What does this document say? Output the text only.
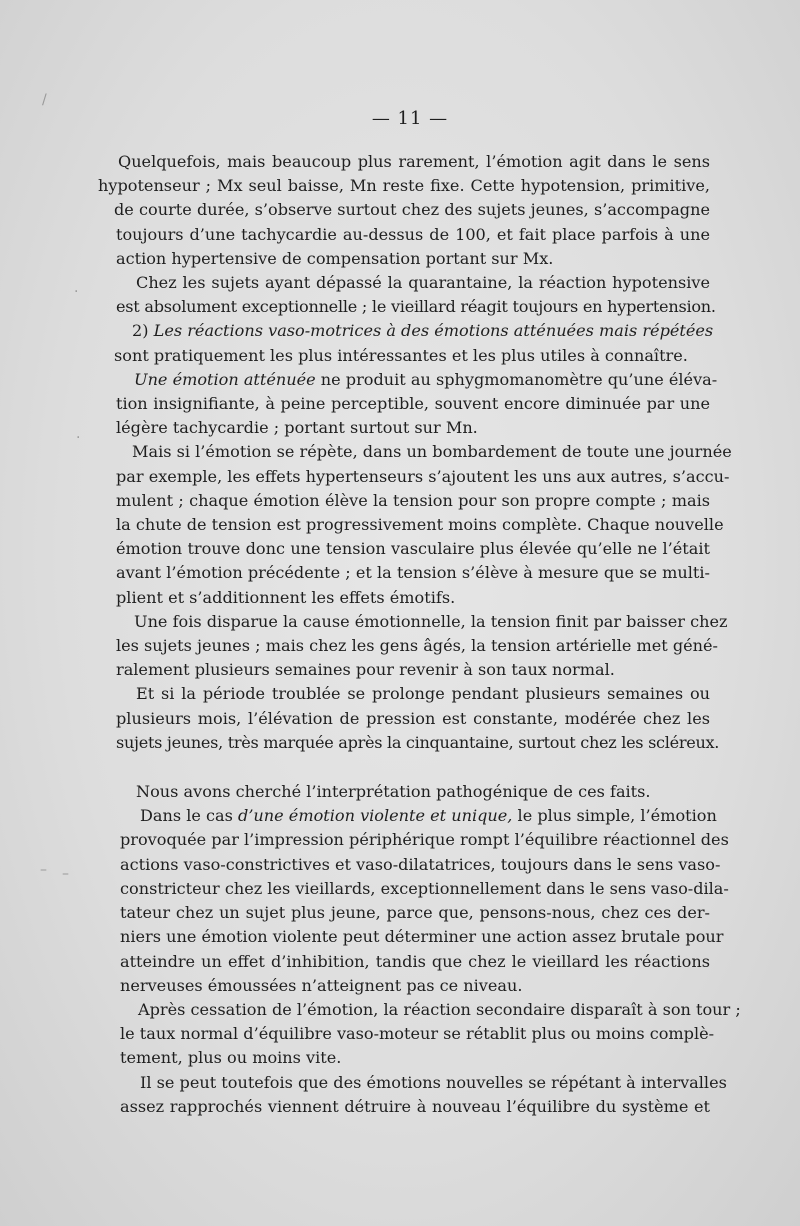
— 11 —
Quelquefois, mais beaucoup plus rarement, l’émotion agit dans le sens
hypotenseur ; Mx seul baisse, Mn reste fixe. Cette hypotension, primitive,
de courte durée, s’observe surtout chez des sujets jeunes, s’accompagne
toujours d’une tachycardie au-dessus de 100, et fait place parfois à une
action hypertensive de compensation portant sur Mx.
Chez les sujets ayant dépassé la quarantaine, la réaction hypotensive
est absolument exceptionnelle ; le vieillard réagit toujours en hypertension.
2) Les réactions vaso-motrices à des émotions atténuées mais répétées
sont pratiquement les plus intéressantes et les plus utiles à connaître.
Une émotion atténuée ne produit au sphygmomanomètre qu’une éléva-
tion insignifiante, à peine perceptible, souvent encore diminuée par une
légère tachycardie ; portant surtout sur Mn.
Mais si l’émotion se répète, dans un bombardement de toute une journée
par exemple, les effets hypertenseurs s’ajoutent les uns aux autres, s’accu-
mulent ; chaque émotion élève la tension pour son propre compte ; mais
la chute de tension est progressivement moins complète. Chaque nouvelle
émotion trouve donc une tension vasculaire plus élevée qu’elle ne l’était
avant l’émotion précédente ; et la tension s’élève à mesure que se multi-
plient et s’additionnent les effets émotifs.
Une fois disparue la cause émotionnelle, la tension finit par baisser chez
les sujets jeunes ; mais chez les gens âgés, la tension artérielle met géné-
ralement plusieurs semaines pour revenir à son taux normal.
Et si la période troublée se prolonge pendant plusieurs semaines ou
plusieurs mois, l’élévation de pression est constante, modérée chez les
sujets jeunes, très marquée après la cinquantaine, surtout chez les scléreux.
Nous avons cherché l’interprétation pathogénique de ces faits.
Dans le cas d’une émotion violente et unique, le plus simple, l’émotion
provoquée par l’impression périphérique rompt l’équilibre réactionnel des
actions vaso-constrictives et vaso-dilatatrices, toujours dans le sens vaso-
constricteur chez les vieillards, exceptionnellement dans le sens vaso-dila-
tateur chez un sujet plus jeune, parce que, pensons-nous, chez ces der-
niers une émotion violente peut déterminer une action assez brutale pour
atteindre un effet d’inhibition, tandis que chez le vieillard les réactions
nerveuses émoussées n’atteignent pas ce niveau.
Après cessation de l’émotion, la réaction secondaire disparaît à son tour ;
le taux normal d’équilibre vaso-moteur se rétablit plus ou moins complè-
tement, plus ou moins vite.
Il se peut toutefois que des émotions nouvelles se répétant à intervalles
assez rapprochés viennent détruire à nouveau l’équilibre du système et
/
·
·
– –
